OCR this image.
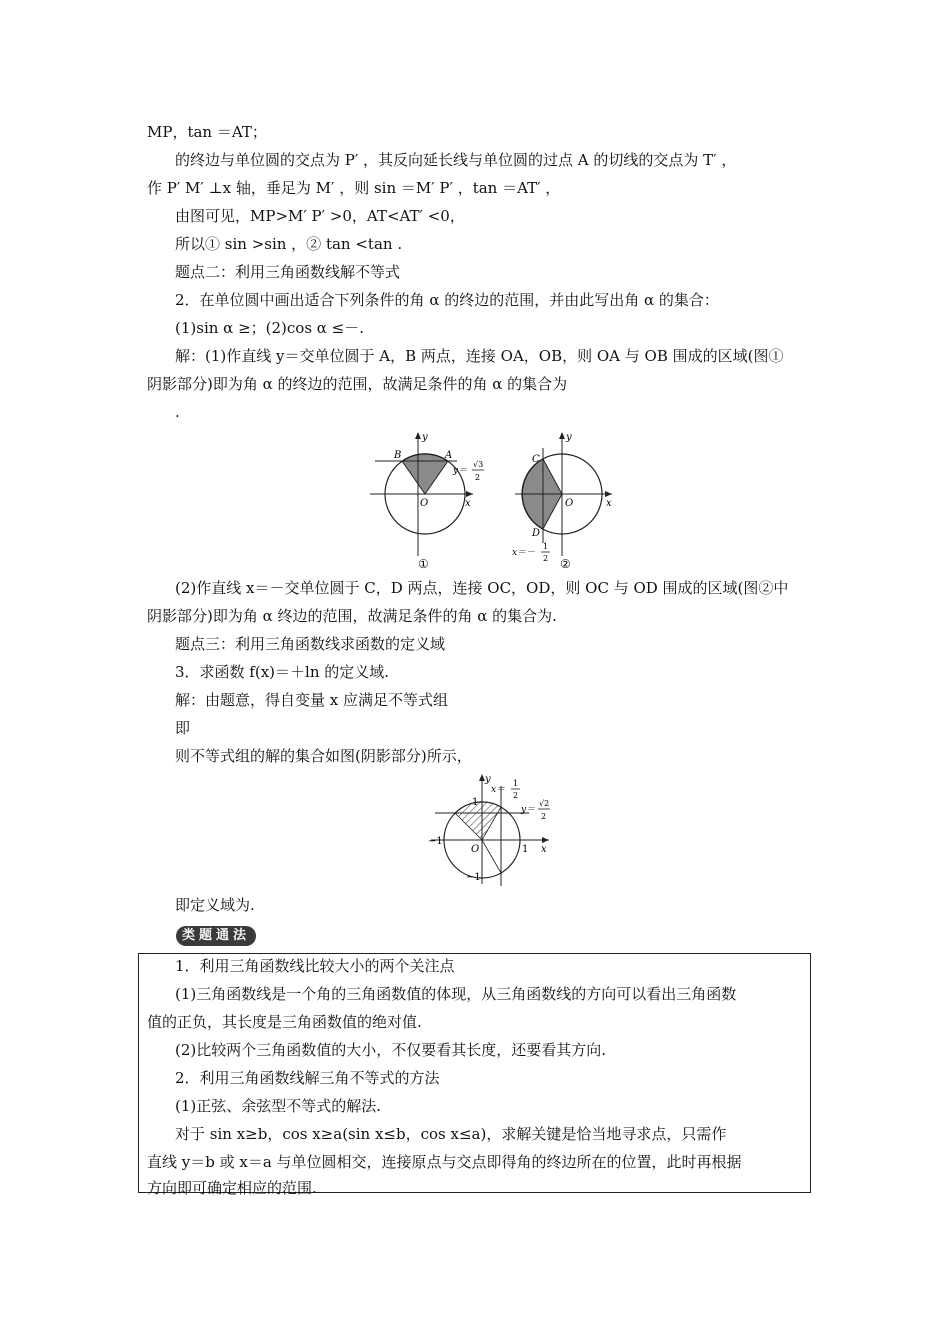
MP，tan ＝AT；
的终边与单位圆的交点为 P′ ，其反向延长线与单位圆的过点 A 的切线的交点为 T′ ，
作 P′ M′ ⊥x 轴，垂足为 M′ ，则 sin ＝M′ P′ ，tan ＝AT′ ，
由图可见，MP>M′ P′ >0，AT<AT′ <0，
所以① sin >sin ，② tan <tan .
题点二：利用三角函数线解不等式
2．在单位圆中画出适合下列条件的角 α 的终边的范围，并由此写出角 α 的集合：
(1)sin α ≥；(2)cos α ≤－.
解：(1)作直线 y＝交单位圆于 A，B 两点，连接 OA，OB，则 OA 与 OB 围成的区域(图①
阴影部分)即为角 α 的终边的范围，故满足条件的角 α 的集合为
.
y
x
O
A
B
y＝
√3
2
①
y
x
O
C
D
x＝－
1
2 ②
(2)作直线 x＝－交单位圆于 C，D 两点，连接 OC，OD，则 OC 与 OD 围成的区域(图②中
阴影部分)即为角 α 终边的范围，故满足条件的角 α 的集合为.
题点三：利用三角函数线求函数的定义域
3．求函数 f(x)＝＋ln 的定义域.
解：由题意，得自变量 x 应满足不等式组
即
则不等式组的解的集合如图(阴影部分)所示，
y
x
O
1
−1
1
−1
x＝
1
2
y＝
√2
2
即定义域为.
类题通法
1．利用三角函数线比较大小的两个关注点
(1)三角函数线是一个角的三角函数值的体现，从三角函数线的方向可以看出三角函数
值的正负，其长度是三角函数值的绝对值.
(2)比较两个三角函数值的大小，不仅要看其长度，还要看其方向.
2．利用三角函数线解三角不等式的方法
(1)正弦、余弦型不等式的解法.
对于 sin x≥b，cos x≥a(sin x≤b，cos x≤a)，求解关键是恰当地寻求点，只需作
直线 y＝b 或 x＝a 与单位圆相交，连接原点与交点即得角的终边所在的位置，此时再根据
方向即可确定相应的范围.
